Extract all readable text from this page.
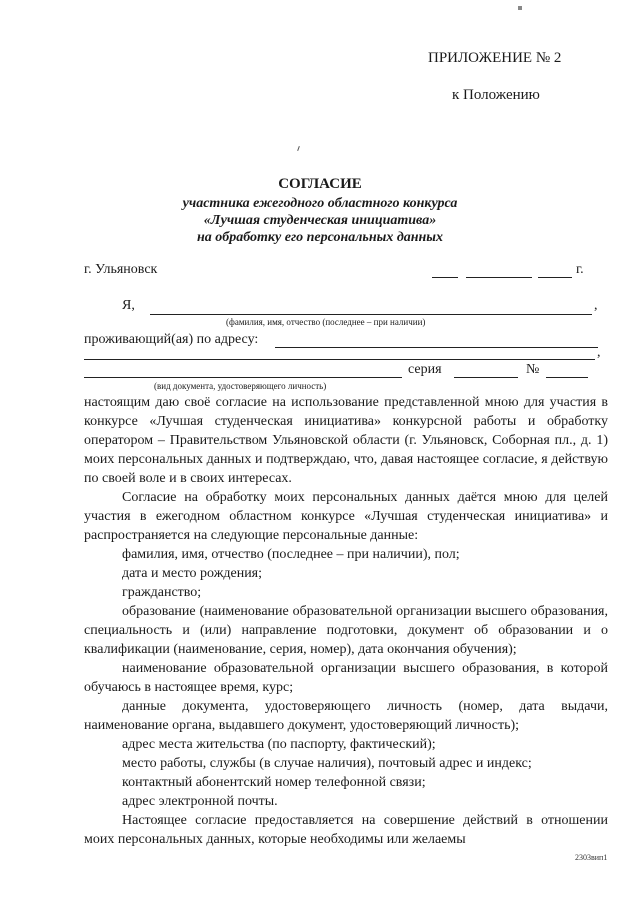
ПРИЛОЖЕНИЕ № 2
к Положению
СОГЛАСИЕ
участника ежегодного областного конкурса
«Лучшая студенческая инициатива»
на обработку его персональных данных
г. Ульяновск	г.
Я,	,
(фамилия, имя, отчество (последнее – при наличии)
проживающий(ая) по адресу:
,
серия	№
(вид документа, удостоверяющего личность)

настоящим даю своё согласие на использование представленной мною для участия в конкурсе «Лучшая студенческая инициатива» конкурсной работы и обработку оператором – Правительством Ульяновской области (г. Ульяновск, Соборная пл., д. 1) моих персональных данных и подтверждаю, что, давая настоящее согласие, я действую по своей воле и в своих интересах.

Согласие на обработку моих персональных данных даётся мною для целей участия в ежегодном областном конкурсе «Лучшая студенческая инициатива» и распространяется на следующие персональные данные:

фамилия, имя, отчество (последнее – при наличии), пол;

дата и место рождения;

гражданство;

образование (наименование образовательной организации высшего образования, специальность и (или) направление подготовки, документ об образовании и о квалификации (наименование, серия, номер), дата окончания обучения);

наименование образовательной организации высшего образования, в которой обучаюсь в настоящее время, курс;

данные документа, удостоверяющего личность (номер, дата выдачи, наименование органа, выдавшего документ, удостоверяющий личность);

адрес места жительства (по паспорту, фактический);

место работы, службы (в случае наличия), почтовый адрес и индекс;

контактный абонентский номер телефонной связи;

адрес электронной почты.

Настоящее согласие предоставляется на совершение действий в отношении моих персональных данных, которые необходимы или желаемы

2303вип1
